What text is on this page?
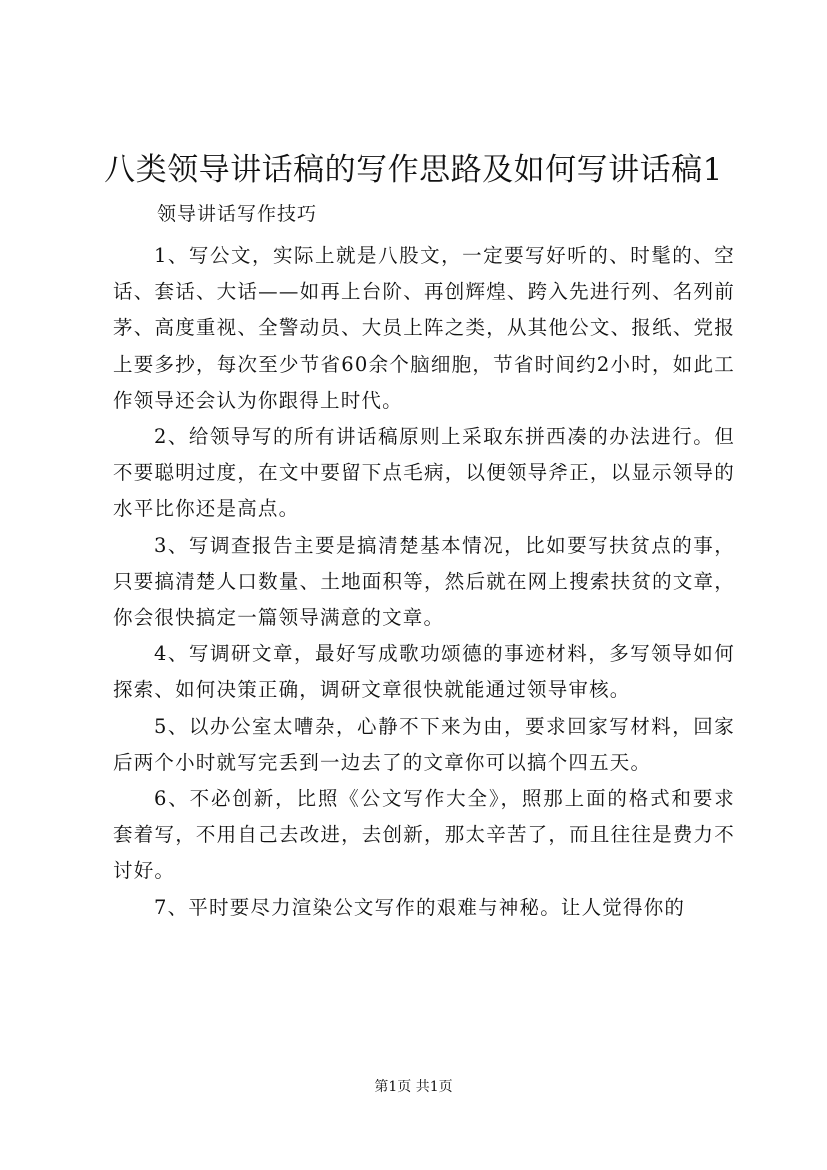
八类领导讲话稿的写作思路及如何写讲话稿1
领导讲话写作技巧

1、写公文，实际上就是八股文，一定要写好听的、时髦的、空话、套话、大话——如再上台阶、再创辉煌、跨入先进行列、名列前茅、高度重视、全警动员、大员上阵之类，从其他公文、报纸、党报上要多抄，每次至少节省60余个脑细胞，节省时间约2小时，如此工作领导还会认为你跟得上时代。

2、给领导写的所有讲话稿原则上采取东拼西凑的办法进行。但不要聪明过度，在文中要留下点毛病，以便领导斧正，以显示领导的水平比你还是高点。

3、写调查报告主要是搞清楚基本情况，比如要写扶贫点的事，只要搞清楚人口数量、土地面积等，然后就在网上搜索扶贫的文章，你会很快搞定一篇领导满意的文章。

4、写调研文章，最好写成歌功颂德的事迹材料，多写领导如何探索、如何决策正确，调研文章很快就能通过领导审核。

5、以办公室太嘈杂，心静不下来为由，要求回家写材料，回家后两个小时就写完丢到一边去了的文章你可以搞个四五天。

6、不必创新，比照《公文写作大全》，照那上面的格式和要求套着写，不用自己去改进，去创新，那太辛苦了，而且往往是费力不讨好。

7、平时要尽力渲染公文写作的艰难与神秘。让人觉得你的

第1页 共1页
